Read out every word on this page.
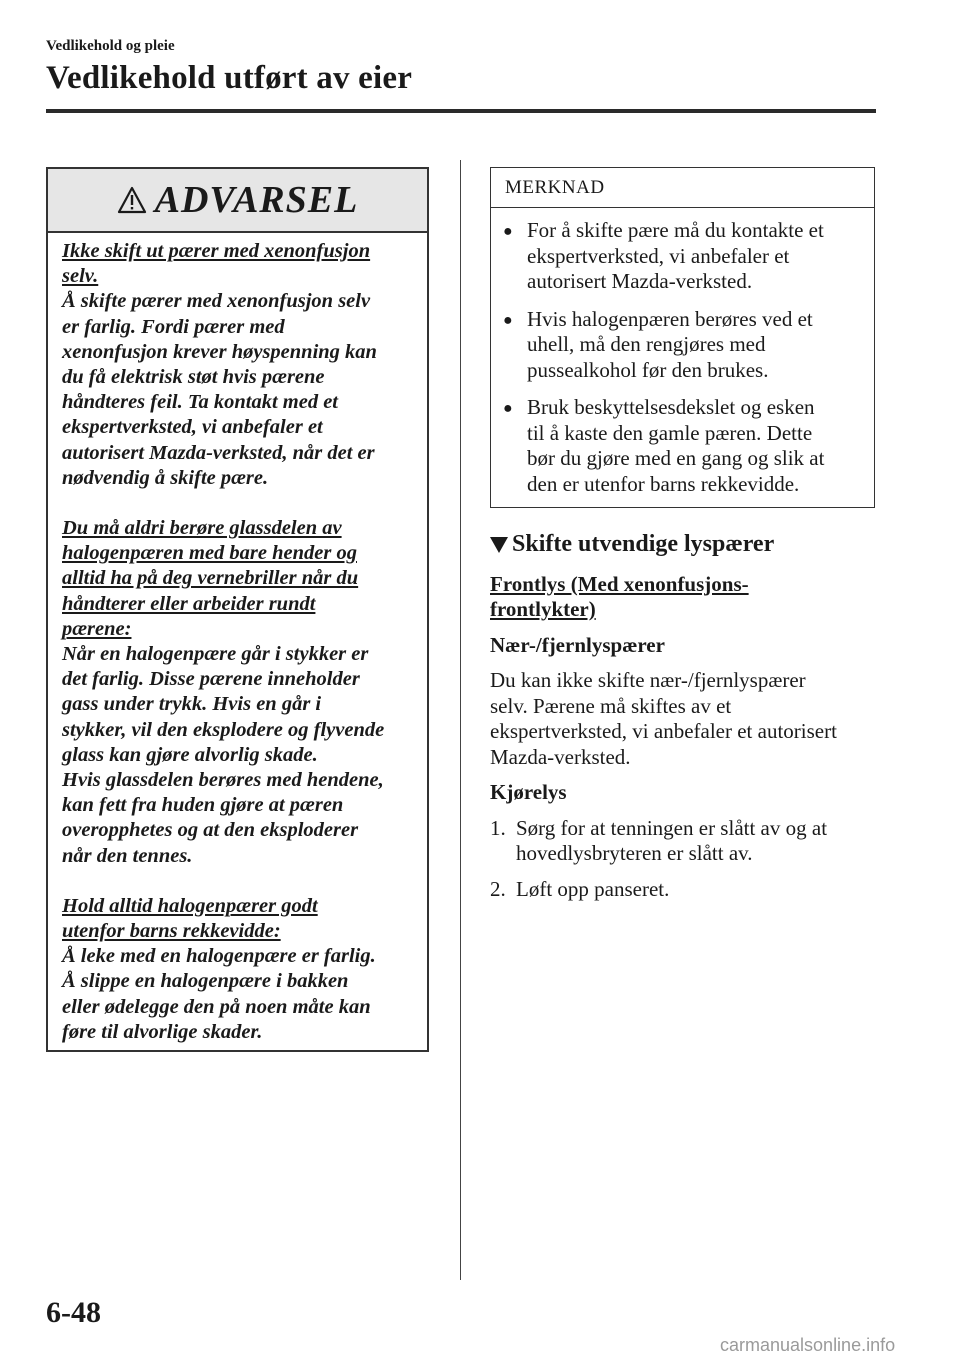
Vedlikehold og pleie
Vedlikehold utført av eier
ADVARSEL

Ikke skift ut pærer med xenonfusjon

selv.

Å skifte pærer med xenonfusjon selv

er farlig. Fordi pærer med

xenonfusjon krever høyspenning kan

du få elektrisk støt hvis pærene

håndteres feil. Ta kontakt med et

ekspertverksted, vi anbefaler et

autorisert Mazda-verksted, når det er

nødvendig å skifte pære.

Du må aldri berøre glassdelen av

halogenpæren med bare hender og

alltid ha på deg vernebriller når du

håndterer eller arbeider rundt

pærene:

Når en halogenpære går i stykker er

det farlig. Disse pærene inneholder

gass under trykk. Hvis en går i

stykker, vil den eksplodere og flyvende

glass kan gjøre alvorlig skade.

Hvis glassdelen berøres med hendene,

kan fett fra huden gjøre at pæren

overopphetes og at den eksploderer

når den tennes.

Hold alltid halogenpærer godt

utenfor barns rekkevidde:

Å leke med en halogenpære er farlig.

Å slippe en halogenpære i bakken

eller ødelegge den på noen måte kan

føre til alvorlige skader.

MERKNAD
● For å skifte pære må du kontakte et
ekspertverksted, vi anbefaler et
autorisert Mazda-verksted.
● Hvis halogenpæren berøres ved et
uhell, må den rengjøres med
pussealkohol før den brukes.
● Bruk beskyttelsesdekslet og esken
til å kaste den gamle pæren. Dette
bør du gjøre med en gang og slik at
den er utenfor barns rekkevidde.
Skifte utvendige lyspærer

Frontlys (Med xenonfusjons-

frontlykter)

Nær-/fjernlyspærer

Du kan ikke skifte nær-/fjernlyspærer

selv. Pærene må skiftes av et

ekspertverksted, vi anbefaler et autorisert

Mazda-verksted.

Kjørelys

1. Sørg for at tenningen er slått av og at
hovedlysbryteren er slått av.
2. Løft opp panseret.
6-48
carmanualsonline.info
